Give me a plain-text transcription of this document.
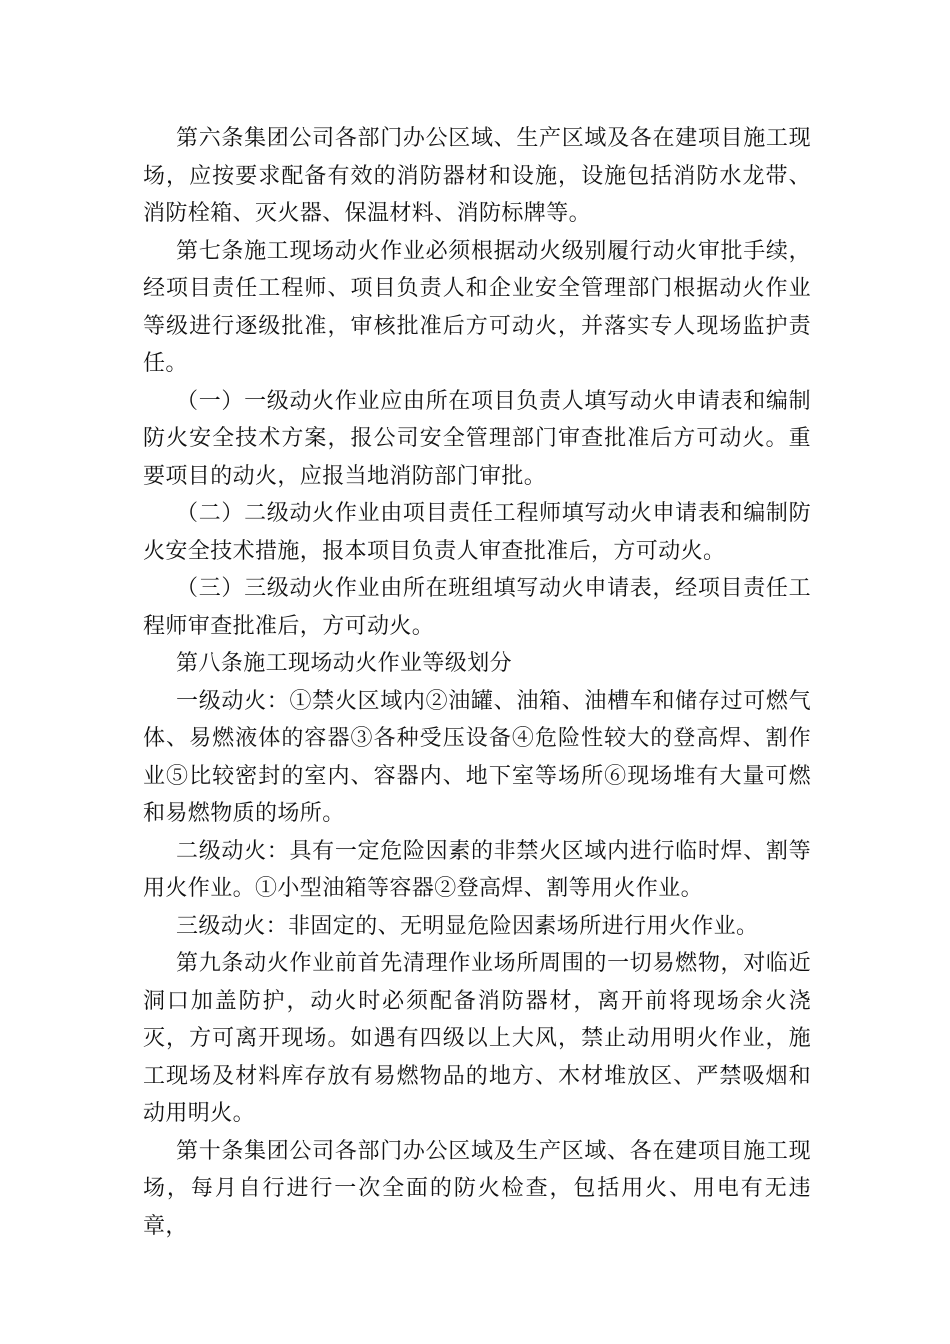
第六条集团公司各部门办公区域、生产区域及各在建项目施工现场，应按要求配备有效的消防器材和设施，设施包括消防水龙带、消防栓箱、灭火器、保温材料、消防标牌等。

第七条施工现场动火作业必须根据动火级别履行动火审批手续，经项目责任工程师、项目负责人和企业安全管理部门根据动火作业等级进行逐级批准，审核批准后方可动火，并落实专人现场监护责任。

（一）一级动火作业应由所在项目负责人填写动火申请表和编制防火安全技术方案，报公司安全管理部门审查批准后方可动火。重要项目的动火，应报当地消防部门审批。

（二）二级动火作业由项目责任工程师填写动火申请表和编制防火安全技术措施，报本项目负责人审查批准后，方可动火。

（三）三级动火作业由所在班组填写动火申请表，经项目责任工程师审查批准后，方可动火。

第八条施工现场动火作业等级划分

一级动火：①禁火区域内②油罐、油箱、油槽车和储存过可燃气体、易燃液体的容器③各种受压设备④危险性较大的登高焊、割作业⑤比较密封的室内、容器内、地下室等场所⑥现场堆有大量可燃和易燃物质的场所。

二级动火：具有一定危险因素的非禁火区域内进行临时焊、割等用火作业。①小型油箱等容器②登高焊、割等用火作业。

三级动火：非固定的、无明显危险因素场所进行用火作业。

第九条动火作业前首先清理作业场所周围的一切易燃物，对临近洞口加盖防护，动火时必须配备消防器材，离开前将现场余火浇灭，方可离开现场。如遇有四级以上大风，禁止动用明火作业，施工现场及材料库存放有易燃物品的地方、木材堆放区、严禁吸烟和动用明火。

第十条集团公司各部门办公区域及生产区域、各在建项目施工现场，每月自行进行一次全面的防火检查，包括用火、用电有无违章，
